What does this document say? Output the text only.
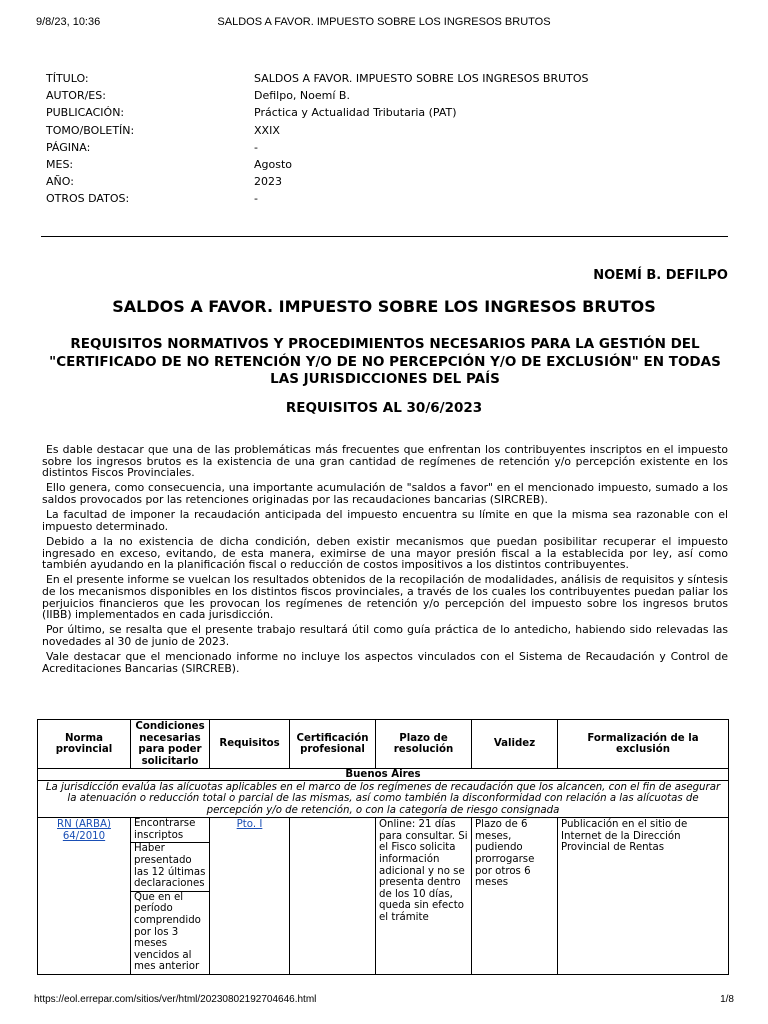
9/8/23, 10:36	SALDOS A FAVOR. IMPUESTO SOBRE LOS INGRESOS BRUTOS
TÍTULO:	SALDOS A FAVOR. IMPUESTO SOBRE LOS INGRESOS BRUTOS
AUTOR/ES:	Defilpo, Noemí B.
PUBLICACIÓN:	Práctica y Actualidad Tributaria (PAT)
TOMO/BOLETÍN:	XXIX
PÁGINA:	-
MES:	Agosto
AÑO:	2023
OTROS DATOS:	-
NOEMÍ B. DEFILPO
SALDOS A FAVOR. IMPUESTO SOBRE LOS INGRESOS BRUTOS
REQUISITOS NORMATIVOS Y PROCEDIMIENTOS NECESARIOS PARA LA GESTIÓN DEL "CERTIFICADO DE NO RETENCIÓN Y/O DE NO PERCEPCIÓN Y/O DE EXCLUSIÓN" EN TODAS LAS JURISDICCIONES DEL PAÍS
REQUISITOS AL 30/6/2023

Es dable destacar que una de las problemáticas más frecuentes que enfrentan los contribuyentes inscriptos en el impuesto sobre los ingresos brutos es la existencia de una gran cantidad de regímenes de retención y/o percepción existente en los distintos Fiscos Provinciales.

Ello genera, como consecuencia, una importante acumulación de "saldos a favor" en el mencionado impuesto, sumado a los saldos provocados por las retenciones originadas por las recaudaciones bancarias (SIRCREB).

La facultad de imponer la recaudación anticipada del impuesto encuentra su límite en que la misma sea razonable con el impuesto determinado.

Debido a la no existencia de dicha condición, deben existir mecanismos que puedan posibilitar recuperar el impuesto ingresado en exceso, evitando, de esta manera, eximirse de una mayor presión fiscal a la establecida por ley, así como también ayudando en la planificación fiscal o reducción de costos impositivos a los distintos contribuyentes.

En el presente informe se vuelcan los resultados obtenidos de la recopilación de modalidades, análisis de requisitos y síntesis de los mecanismos disponibles en los distintos fiscos provinciales, a través de los cuales los contribuyentes puedan paliar los perjuicios financieros que les provocan los regímenes de retención y/o percepción del impuesto sobre los ingresos brutos (IIBB) implementados en cada jurisdicción.

Por último, se resalta que el presente trabajo resultará útil como guía práctica de lo antedicho, habiendo sido relevadas las novedades al 30 de junio de 2023.

Vale destacar que el mencionado informe no incluye los aspectos vinculados con el Sistema de Recaudación y Control de Acreditaciones Bancarias (SIRCREB).

Norma provincial	Condiciones necesarias para poder solicitarlo	Requisitos	Certificación profesional	Plazo de resolución	Validez	Formalización de la exclusión
Buenos Aires						
La jurisdicción evalúa las alícuotas aplicables en el marco de los regímenes de recaudación que los alcancen, con el fin de asegurar la atenuación o reducción total o parcial de las mismas, así como también la disconformidad con relación a las alícuotas de percepción y/o de retención, o con la categoría de riesgo consignada						
RN (ARBA) 64/2010	Encontrarse inscriptos
Haber presentado las 12 últimas declaraciones
Que en el período comprendido por los 3 meses vencidos al mes anterior	Pto. I		Online: 21 días para consultar. Si el Fisco solicita información adicional y no se presenta dentro de los 10 días, queda sin efecto el trámite	Plazo de 6 meses, pudiendo prorrogarse por otros 6 meses	Publicación en el sitio de Internet de la Dirección Provincial de Rentas
https://eol.errepar.com/sitios/ver/html/20230802192704646.html	1/8
